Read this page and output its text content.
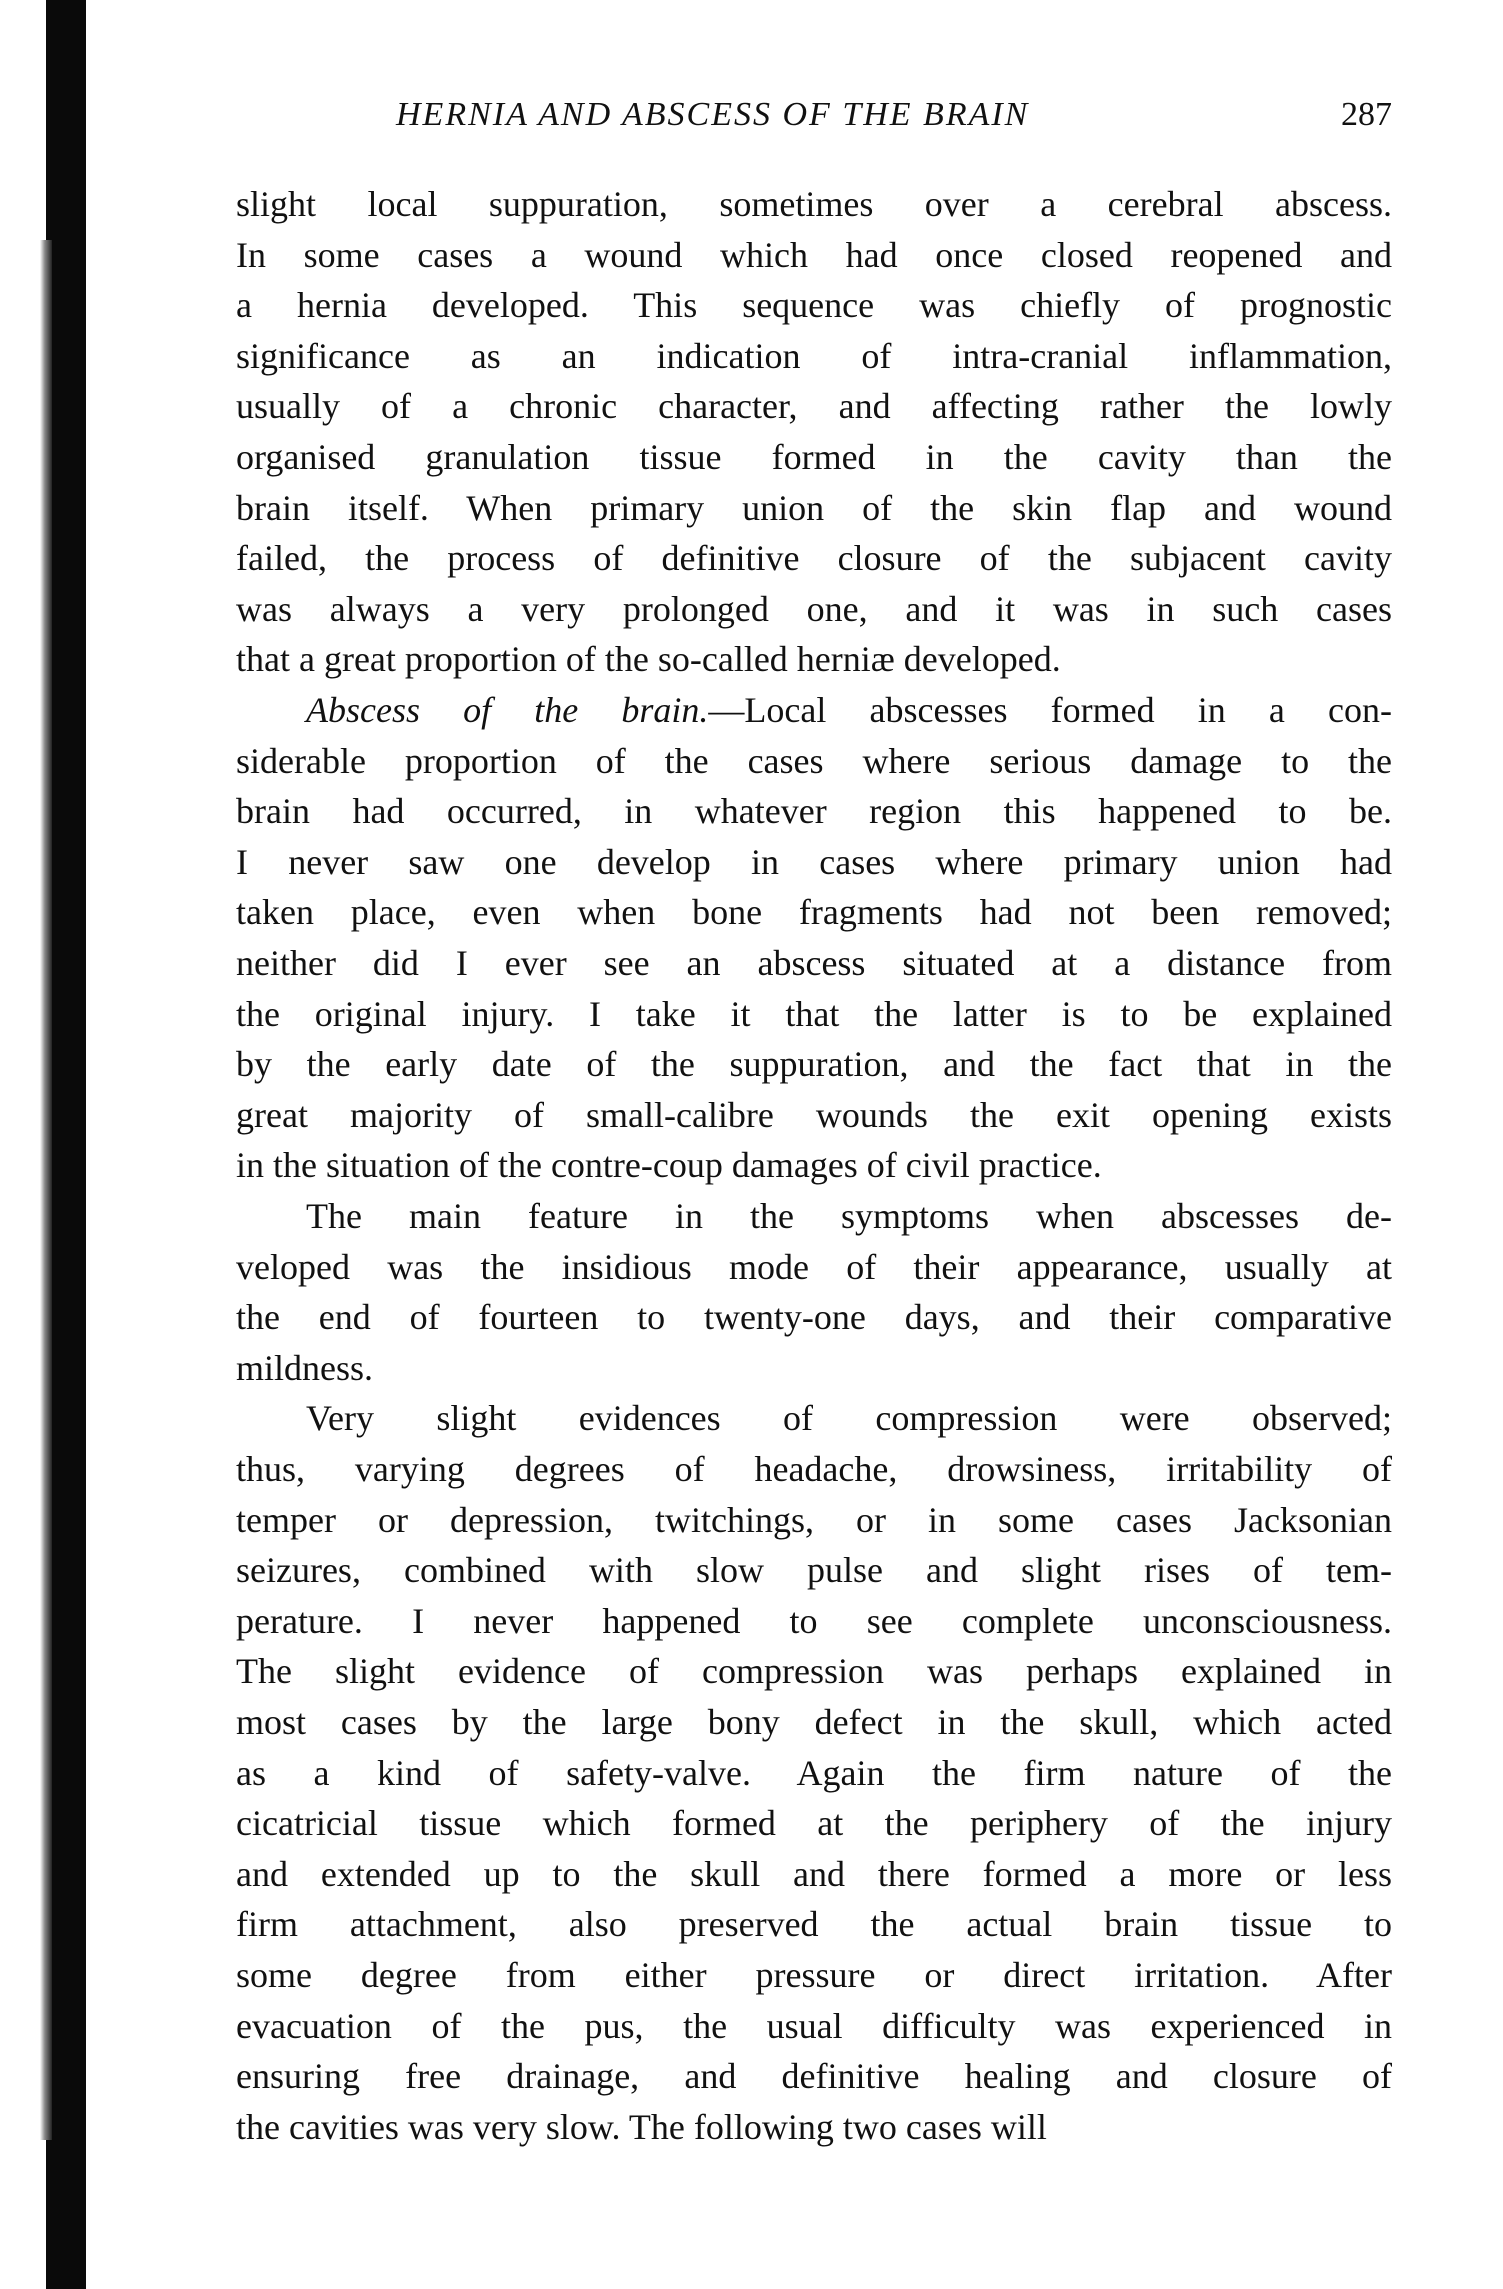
HERNIA AND ABSCESS OF THE BRAIN	287
slight local suppuration, sometimes over a cerebral abscess.
In some cases a wound which had once closed reopened and
a hernia developed. This sequence was chiefly of prognostic
significance as an indication of intra-cranial inflammation,
usually of a chronic character, and affecting rather the lowly
organised granulation tissue formed in the cavity than the
brain itself. When primary union of the skin flap and wound
failed, the process of definitive closure of the subjacent cavity
was always a very prolonged one, and it was in such cases
that a great proportion of the so-called herniæ developed.
Abscess of the brain.—Local abscesses formed in a con-
siderable proportion of the cases where serious damage to the
brain had occurred, in whatever region this happened to be.
I never saw one develop in cases where primary union had
taken place, even when bone fragments had not been removed;
neither did I ever see an abscess situated at a distance from
the original injury. I take it that the latter is to be explained
by the early date of the suppuration, and the fact that in the
great majority of small-calibre wounds the exit opening exists
in the situation of the contre-coup damages of civil practice.
The main feature in the symptoms when abscesses de-
veloped was the insidious mode of their appearance, usually at
the end of fourteen to twenty-one days, and their comparative
mildness.
Very slight evidences of compression were observed;
thus, varying degrees of headache, drowsiness, irritability of
temper or depression, twitchings, or in some cases Jacksonian
seizures, combined with slow pulse and slight rises of tem-
perature. I never happened to see complete unconsciousness.
The slight evidence of compression was perhaps explained in
most cases by the large bony defect in the skull, which acted
as a kind of safety-valve. Again the firm nature of the
cicatricial tissue which formed at the periphery of the injury
and extended up to the skull and there formed a more or less
firm attachment, also preserved the actual brain tissue to
some degree from either pressure or direct irritation. After
evacuation of the pus, the usual difficulty was experienced in
ensuring free drainage, and definitive healing and closure of
the cavities was very slow. The following two cases will
